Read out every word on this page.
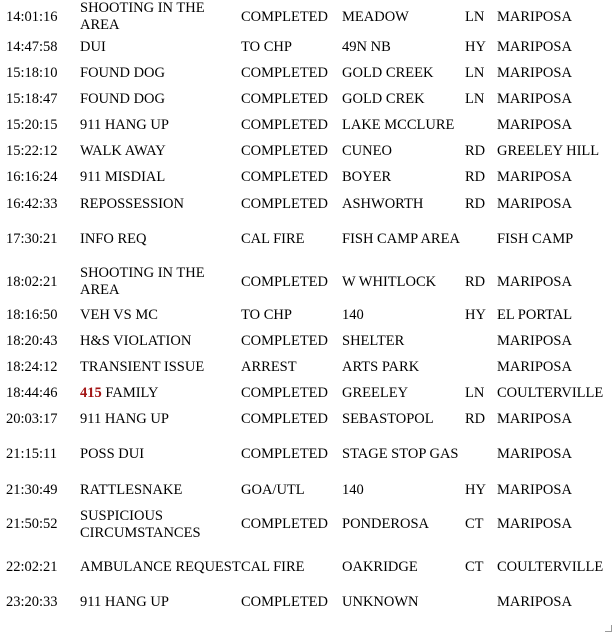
14:01:16	SHOOTING IN THE AREA	COMPLETED	MEADOW	LN	MARIPOSA
14:47:58	DUI	TO CHP	49N NB	HY	MARIPOSA
15:18:10	FOUND DOG	COMPLETED	GOLD CREEK	LN	MARIPOSA
15:18:47	FOUND DOG	COMPLETED	GOLD CREK	LN	MARIPOSA
15:20:15	911 HANG UP	COMPLETED	LAKE MCCLURE		MARIPOSA
15:22:12	WALK AWAY	COMPLETED	CUNEO	RD	GREELEY HILL
16:16:24	911 MISDIAL	COMPLETED	BOYER	RD	MARIPOSA
16:42:33	REPOSSESSION	COMPLETED	ASHWORTH	RD	MARIPOSA
17:30:21	INFO REQ	CAL FIRE	FISH CAMP AREA		FISH CAMP
18:02:21	SHOOTING IN THE AREA	COMPLETED	W WHITLOCK	RD	MARIPOSA
18:16:50	VEH VS MC	TO CHP	140	HY	EL PORTAL
18:20:43	H&S VIOLATION	COMPLETED	SHELTER		MARIPOSA
18:24:12	TRANSIENT ISSUE	ARREST	ARTS PARK		MARIPOSA
18:44:46	415 FAMILY	COMPLETED	GREELEY	LN	COULTERVILLE
20:03:17	911 HANG UP	COMPLETED	SEBASTOPOL	RD	MARIPOSA
21:15:11	POSS DUI	COMPLETED	STAGE STOP GAS		MARIPOSA
21:30:49	RATTLESNAKE	GOA/UTL	140	HY	MARIPOSA
21:50:52	SUSPICIOUS CIRCUMSTANCES	COMPLETED	PONDEROSA	CT	MARIPOSA
22:02:21	AMBULANCE REQUEST	CAL FIRE	OAKRIDGE	CT	COULTERVILLE
23:20:33	911 HANG UP	COMPLETED	UNKNOWN		MARIPOSA
